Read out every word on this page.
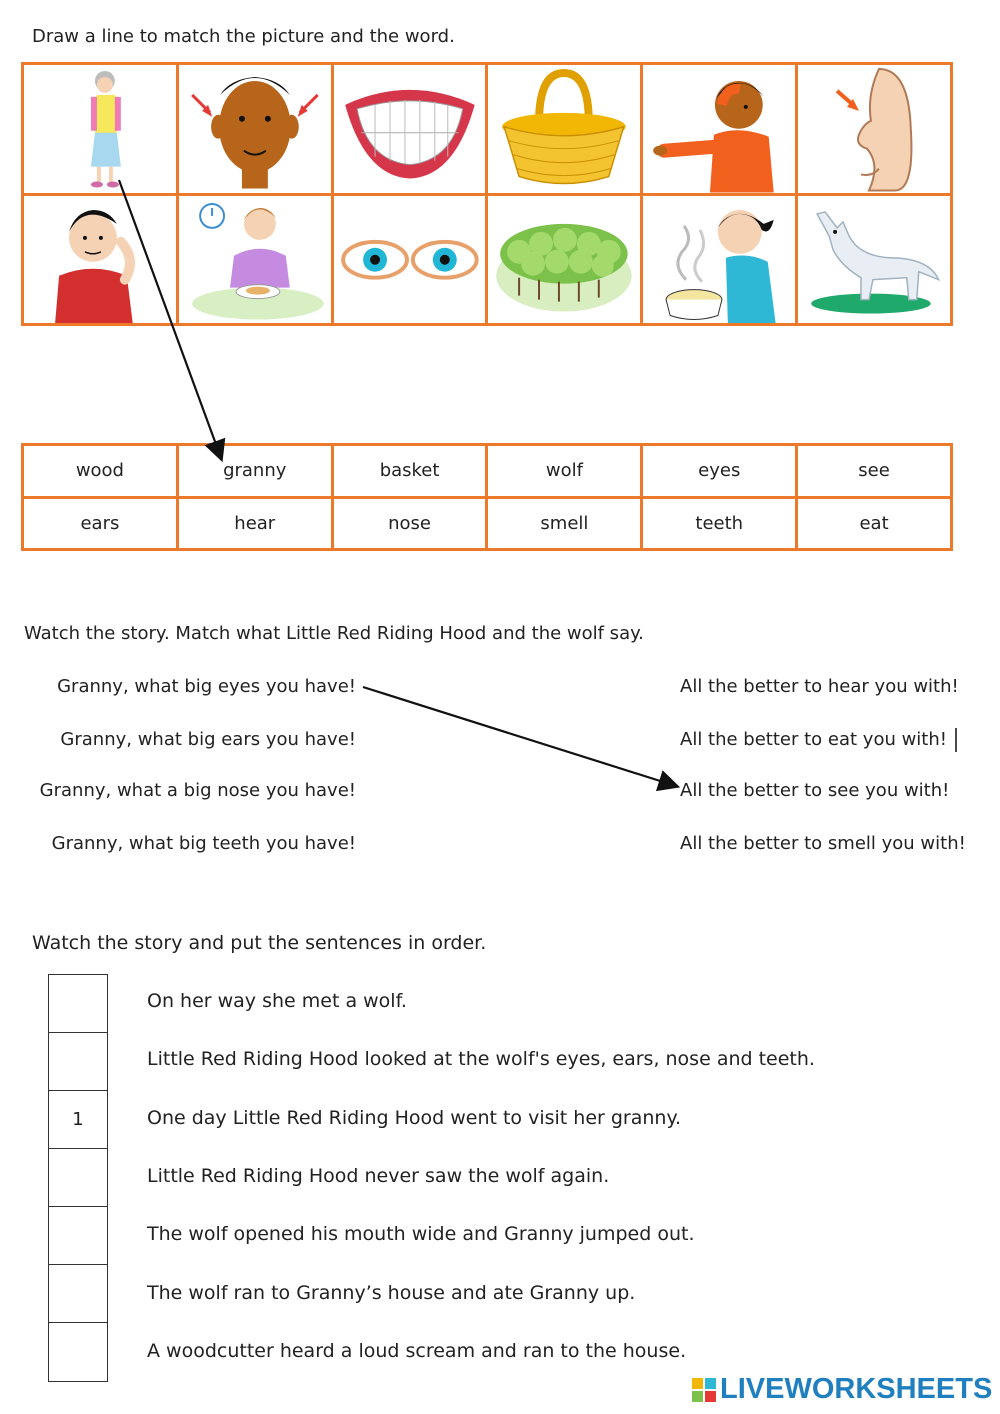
Draw a line to match the picture and the word.
wood	granny	basket	wolf	eyes	see
ears	hear	nose	smell	teeth	eat
Watch the story. Match what Little Red Riding Hood and the wolf say.
Granny, what big eyes you have!
Granny, what big ears you have!
Granny, what a big nose you have!
Granny, what big teeth you have!
All the better to hear you with!
All the better to eat you with!
All the better to see you with!
All the better to smell you with!
Watch the story and put the sentences in order.
1
On her way she met a wolf.
Little Red Riding Hood looked at the wolf's eyes, ears, nose and teeth.
One day Little Red Riding Hood went to visit her granny.
Little Red Riding Hood never saw the wolf again.
The wolf opened his mouth wide and Granny jumped out.
The wolf ran to Granny’s house and ate Granny up.
A woodcutter heard a loud scream and ran to the house.
LIVEWORKSHEETS
